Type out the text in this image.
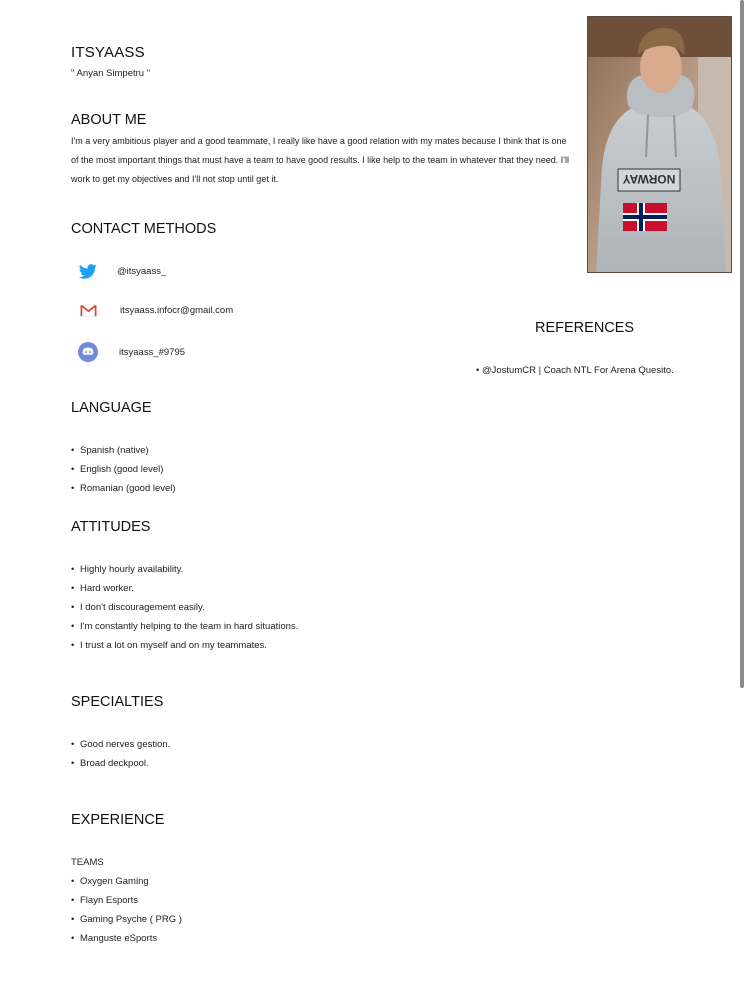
ITSYAASS
" Anyan Simpetru "
ABOUT ME
I'm a very ambitious player and a good teammate, I really like have a good relation with my mates because I think that is one of the most important things that must have a team to have good results. I like help to the team in whatever that they need. I'll work to get my objectives and I'll not stop until get it.
CONTACT METHODS
@itsyaass_
itsyaass.infocr@gmail.com
itsyaass_#9795
REFERENCES
• @JostumCR | Coach NTL For Arena Quesito.
LANGUAGE
• Spanish (native)
• English (good level)
• Romanian (good level)
ATTITUDES
• Highly hourly availability.
• Hard worker.
• I don't discouragement easily.
• I'm constantly helping to the team in hard situations.
• I trust a lot on myself and on my teammates.
SPECIALTIES
• Good nerves gestion.
• Broad deckpool.
EXPERIENCE
TEAMS
• Oxygen Gaming
• Flayn Esports
• Gaming Psyche ( PRG )
• Manguste eSports
NORWAY
